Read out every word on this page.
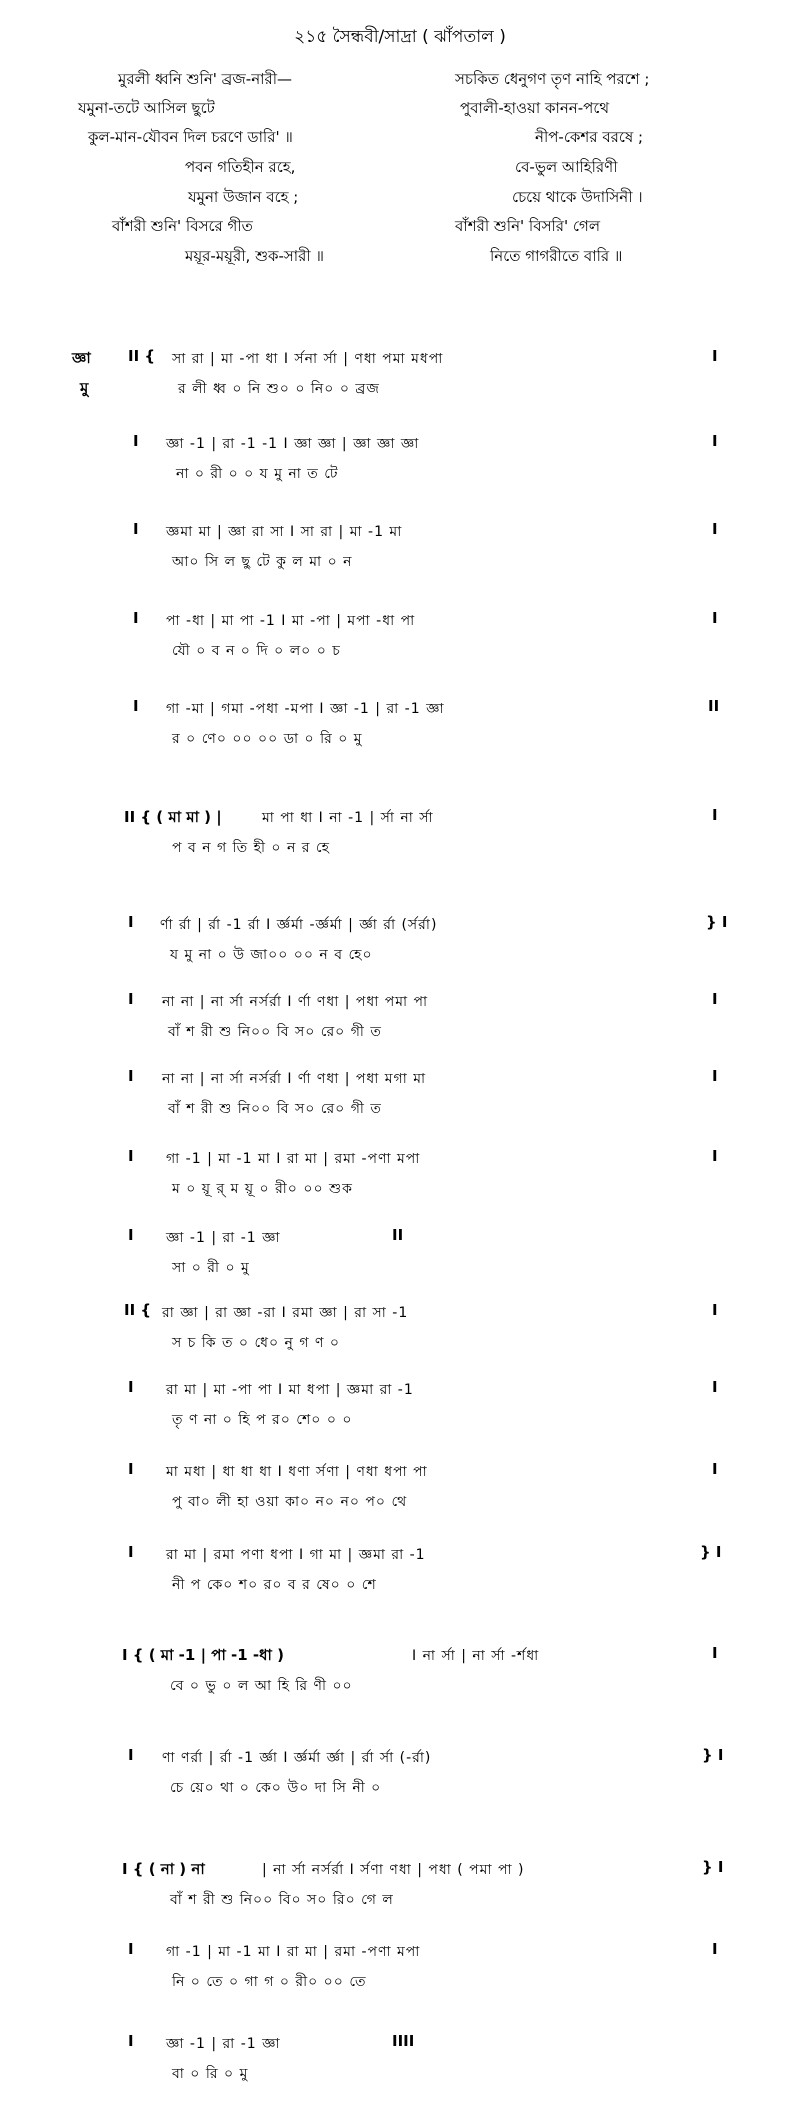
২১৫ সৈন্ধবী/সাদ্রা ( ঝাঁপতাল )
মুরলী ধ্বনি শুনি' ব্রজ-নারী—
যমুনা-তটে আসিল ছুটে
কুল-মান-যৌবন দিল চরণে ডারি' ॥
পবন গতিহীন রহে,
যমুনা উজান বহে ;
বাঁশরী শুনি' বিসরে গীত
ময়ূর-ময়ূরী, শুক-সারী ॥
সচকিত ধেনুগণ তৃণ নাহি পরশে ;
পুবালী-হাওয়া কানন-পথে
নীপ-কেশর বরষে ;
বে-ভুল আহিরিণী
চেয়ে থাকে উদাসিনী ।
বাঁশরী শুনি' বিসরি' গেল
নিতে গাগরীতে বারি ॥
জ্ঞা
মু
II { সা রা | মা -পা ধা I র্সনা র্সা | ণধা পমা মধপা
র লী ধ্ব ০ নি শু০ ০ নি০ ০ ব্রজ
I
I জ্ঞা -1 | রা -1 -1 I জ্ঞা জ্ঞা | জ্ঞা জ্ঞা জ্ঞা
না ০ রী ০ ০ য মু না ত টে
I
I জ্ঞমা মা | জ্ঞা রা সা I সা রা | মা -1 মা
আ০ সি ল ছু টে কু ল মা ০ ন
I
I পা -ধা | মা পা -1 I মা -পা | মপা -ধা পা
যৌ ০ ব ন ০ দি ০ ল০ ০ চ
I
I গা -মা | গমা -পধা -মপা I জ্ঞা -1 | রা -1 জ্ঞা
র ০ ণে০ ০০ ০০ ডা ০ রি ০ মু
II
II { ( মা মা ) |	মা পা ধা I না -1 | র্সা না র্সা
প ব ন গ তি হী ০ ন র হে
I
I র্ণা র্রা | র্রা -1 র্রা I র্জ্ঞর্মা -র্জ্ঞর্মা | র্জ্ঞা র্রা (র্সর্রা)
য মু না ০ উ জা০০ ০০ ন ব হে০
} I
I না না | না র্সা নর্সর্রা I র্ণা ণধা | পধা পমা পা
বাঁ শ রী শু নি০০ বি স০ রে০ গী ত
I
I না না | না র্সা নর্সর্রা I র্ণা ণধা | পধা মগা মা
বাঁ শ রী শু নি০০ বি স০ রে০ গী ত
I
I গা -1 | মা -1 মা I রা মা | রমা -পণা মপা
ম ০ য়ূ র্ ম য়ূ ০ রী০ ০০ শুক
I
I জ্ঞা -1 | রা -1 জ্ঞা
সা ০ রী ০ মু
II
II { রা জ্ঞা | রা জ্ঞা -রা I রমা জ্ঞা | রা সা -1
স চ কি ত ০ ধে০ নু গ ণ ০
I
I রা মা | মা -পা পা I মা ধপা | জ্ঞমা রা -1
তৃ ণ না ০ হি প র০ শে০ ০ ০
I
I মা মধা | ধা ধা ধা I ধণা র্সণা | ণধা ধপা পা
পু বা০ লী হা ওয়া কা০ ন০ ন০ প০ থে
I
I রা মা | রমা পণা ধপা I গা মা | জ্ঞমা রা -1
নী প কে০ শ০ র০ ব র ষে০ ০ শে
} I
I { ( মা -1 | পা -1 -ধা )	I না র্সা | না র্সা -র্শধা
বে ০ ভু ০ ল আ হি রি ণী ০০
I
I ণা ণর্রা | র্রা -1 র্জ্ঞা I র্জ্ঞর্মা র্জ্ঞা | র্রা র্সা (-র্রা)
চে য়ে০ থা ০ কে০ উ০ দা সি নী ০
} I
I { ( না ) না	| না র্সা নর্সর্রা I র্সণা ণধা | পধা ( পমা পা )
বাঁ শ রী শু নি০০ বি০ স০ রি০ গে ল
} I
I গা -1 | মা -1 মা I রা মা | রমা -পণা মপা
নি ০ তে ০ গা গ ০ রী০ ০০ তে
I
I জ্ঞা -1 | রা -1 জ্ঞা
বা ০ রি ০ মু
IIII
